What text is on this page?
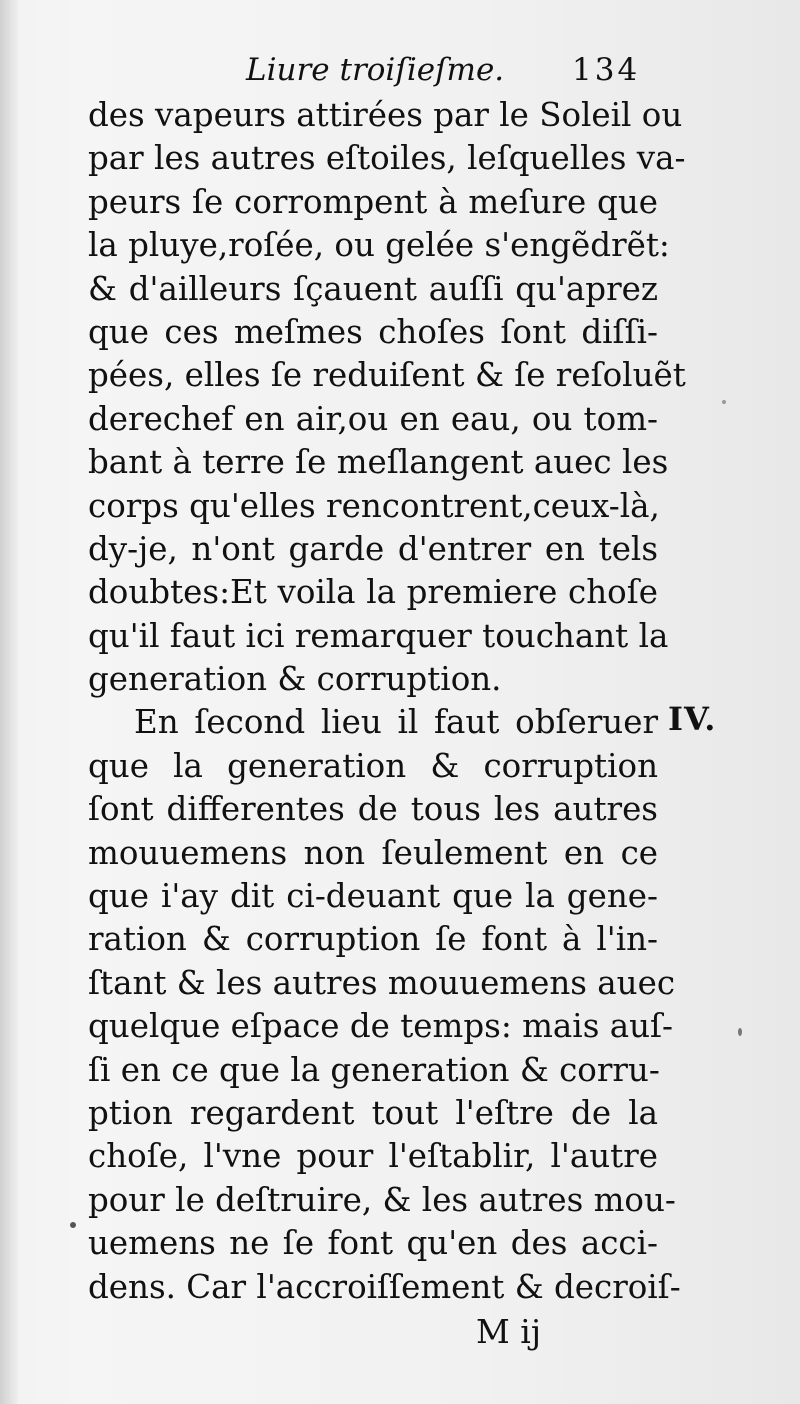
Liure troiſieſme. 134
des vapeurs attirées par le Soleil ou
par les autres eſtoiles, leſquelles va-
peurs ſe corrompent à meſure que
la pluye,roſée, ou gelée s'engẽdrẽt:
& d'ailleurs ſçauent auſſi qu'aprez
que ces meſmes choſes ſont diſſi-
pées, elles ſe reduiſent & ſe reſoluẽt
derechef en air,ou en eau, ou tom-
bant à terre ſe meſlangent auec les
corps qu'elles rencontrent,ceux-là,
dy-je, n'ont garde d'entrer en tels
doubtes:Et voila la premiere choſe
qu'il faut ici remarquer touchant la
generation & corruption.
En ſecond lieu il faut obſeruer
que la generation & corruption
ſont differentes de tous les autres
mouuemens non ſeulement en ce
que i'ay dit ci-deuant que la gene-
ration & corruption ſe font à l'in-
ſtant & les autres mouuemens auec
quelque eſpace de temps: mais auſ-
ſi en ce que la generation & corru-
ption regardent tout l'eſtre de la
choſe, l'vne pour l'eſtablir, l'autre
pour le deſtruire, & les autres mou-
uemens ne ſe font qu'en des acci-
dens. Car l'accroiſſement & decroiſ-
IV.
M ij
